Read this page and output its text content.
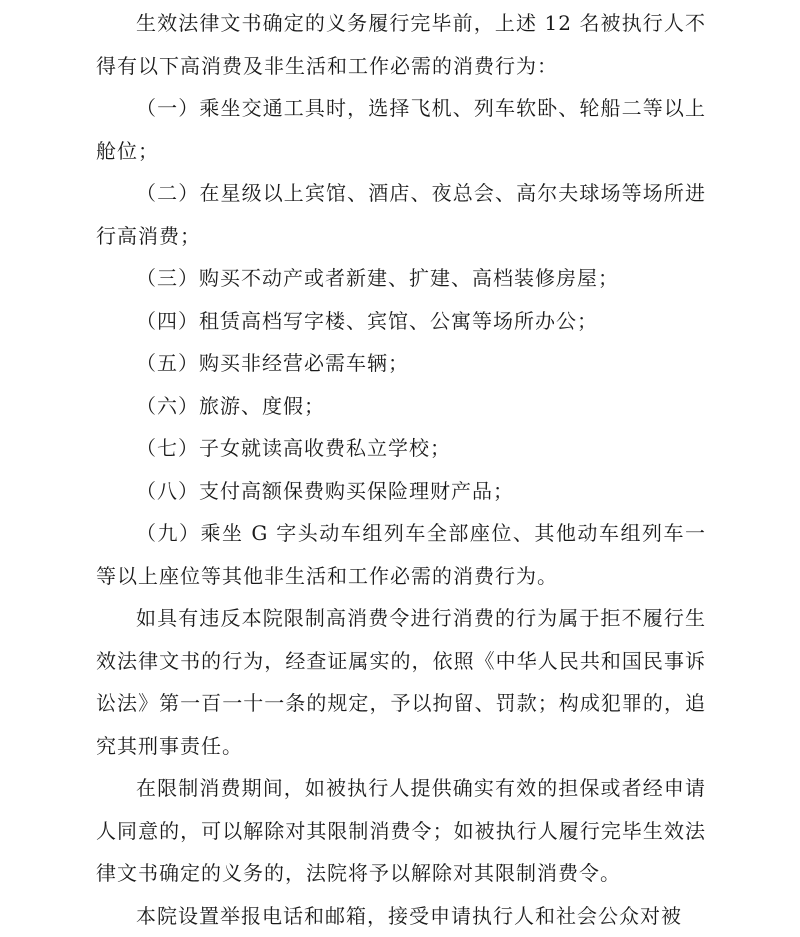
生效法律文书确定的义务履行完毕前，上述 12 名被执行人不得有以下高消费及非生活和工作必需的消费行为：

（一）乘坐交通工具时，选择飞机、列车软卧、轮船二等以上舱位；

（二）在星级以上宾馆、酒店、夜总会、高尔夫球场等场所进行高消费；

（三）购买不动产或者新建、扩建、高档装修房屋；

（四）租赁高档写字楼、宾馆、公寓等场所办公；

（五）购买非经营必需车辆；

（六）旅游、度假；

（七）子女就读高收费私立学校；

（八）支付高额保费购买保险理财产品；

（九）乘坐 G 字头动车组列车全部座位、其他动车组列车一等以上座位等其他非生活和工作必需的消费行为。

如具有违反本院限制高消费令进行消费的行为属于拒不履行生效法律文书的行为，经查证属实的，依照《中华人民共和国民事诉讼法》第一百一十一条的规定，予以拘留、罚款；构成犯罪的，追究其刑事责任。

在限制消费期间，如被执行人提供确实有效的担保或者经申请人同意的，可以解除对其限制消费令；如被执行人履行完毕生效法律文书确定的义务的，法院将予以解除对其限制消费令。

本院设置举报电话和邮箱，接受申请执行人和社会公众对被
